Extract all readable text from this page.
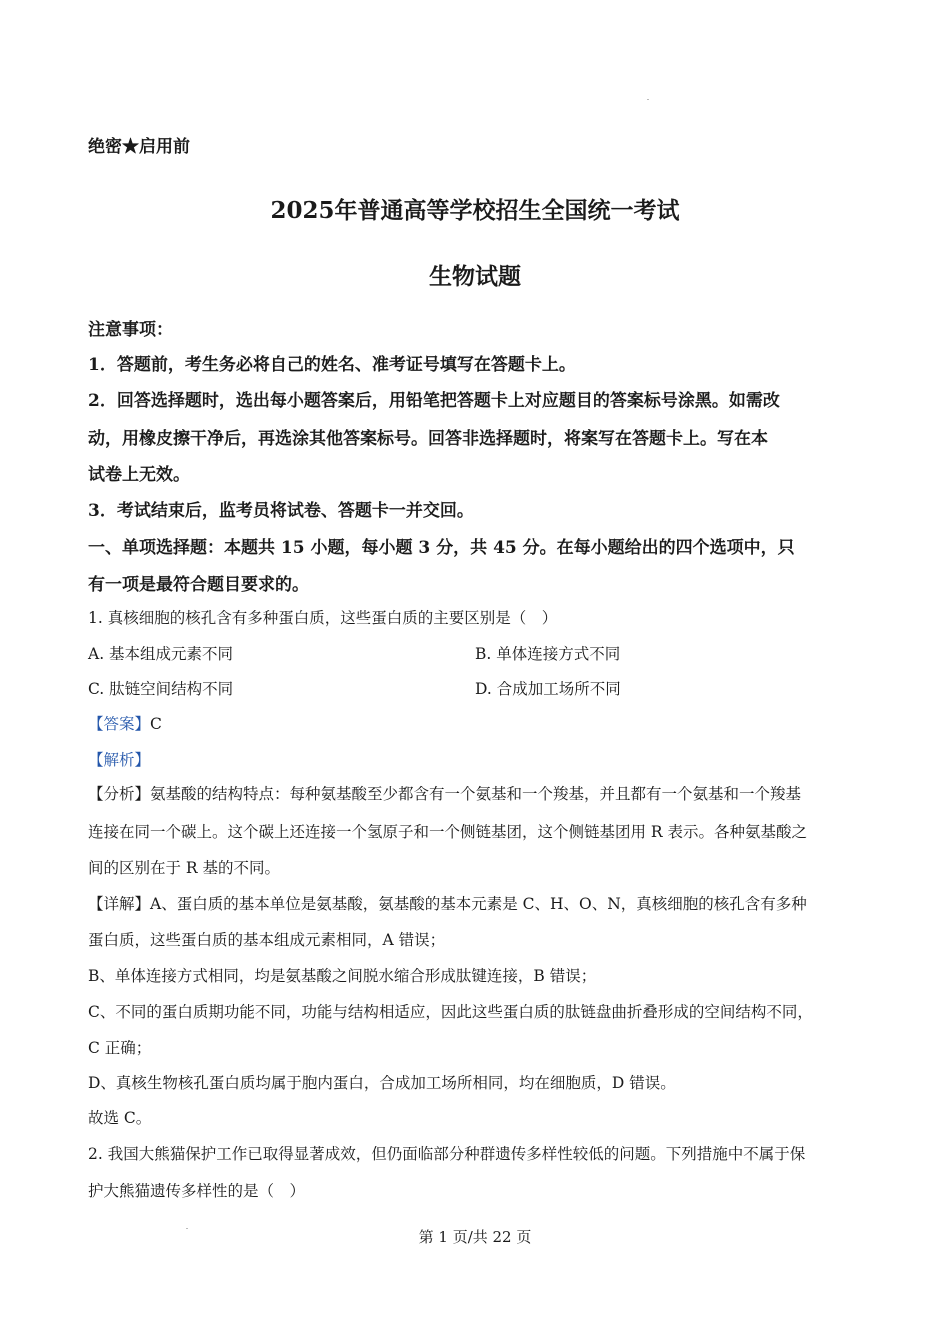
绝密★启用前
2025年普通高等学校招生全国统一考试
生物试题
注意事项：
1．答题前，考生务必将自己的姓名、准考证号填写在答题卡上。
2．回答选择题时，选出每小题答案后，用铅笔把答题卡上对应题目的答案标号涂黑。如需改
动，用橡皮擦干净后，再选涂其他答案标号。回答非选择题时，将案写在答题卡上。写在本
试卷上无效。
3．考试结束后，监考员将试卷、答题卡一并交回。
一、单项选择题：本题共 15 小题，每小题 3 分，共 45 分。在每小题给出的四个选项中，只
有一项是最符合题目要求的。
1. 真核细胞的核孔含有多种蛋白质，这些蛋白质的主要区别是（　）
A. 基本组成元素不同	B. 单体连接方式不同
C. 肽链空间结构不同	D. 合成加工场所不同
【答案】C
【解析】
【分析】氨基酸的结构特点：每种氨基酸至少都含有一个氨基和一个羧基，并且都有一个氨基和一个羧基
连接在同一个碳上。这个碳上还连接一个氢原子和一个侧链基团，这个侧链基团用 R 表示。各种氨基酸之
间的区别在于 R 基的不同。
【详解】A、蛋白质的基本单位是氨基酸，氨基酸的基本元素是 C、H、O、N，真核细胞的核孔含有多种
蛋白质，这些蛋白质的基本组成元素相同，A 错误；
B、单体连接方式相同，均是氨基酸之间脱水缩合形成肽键连接，B 错误；
C、不同的蛋白质期功能不同，功能与结构相适应，因此这些蛋白质的肽链盘曲折叠形成的空间结构不同，
C 正确；
D、真核生物核孔蛋白质均属于胞内蛋白，合成加工场所相同，均在细胞质，D 错误。
故选 C。
2. 我国大熊猫保护工作已取得显著成效，但仍面临部分种群遗传多样性较低的问题。下列措施中不属于保
护大熊猫遗传多样性的是（　）
第 1 页/共 22 页
